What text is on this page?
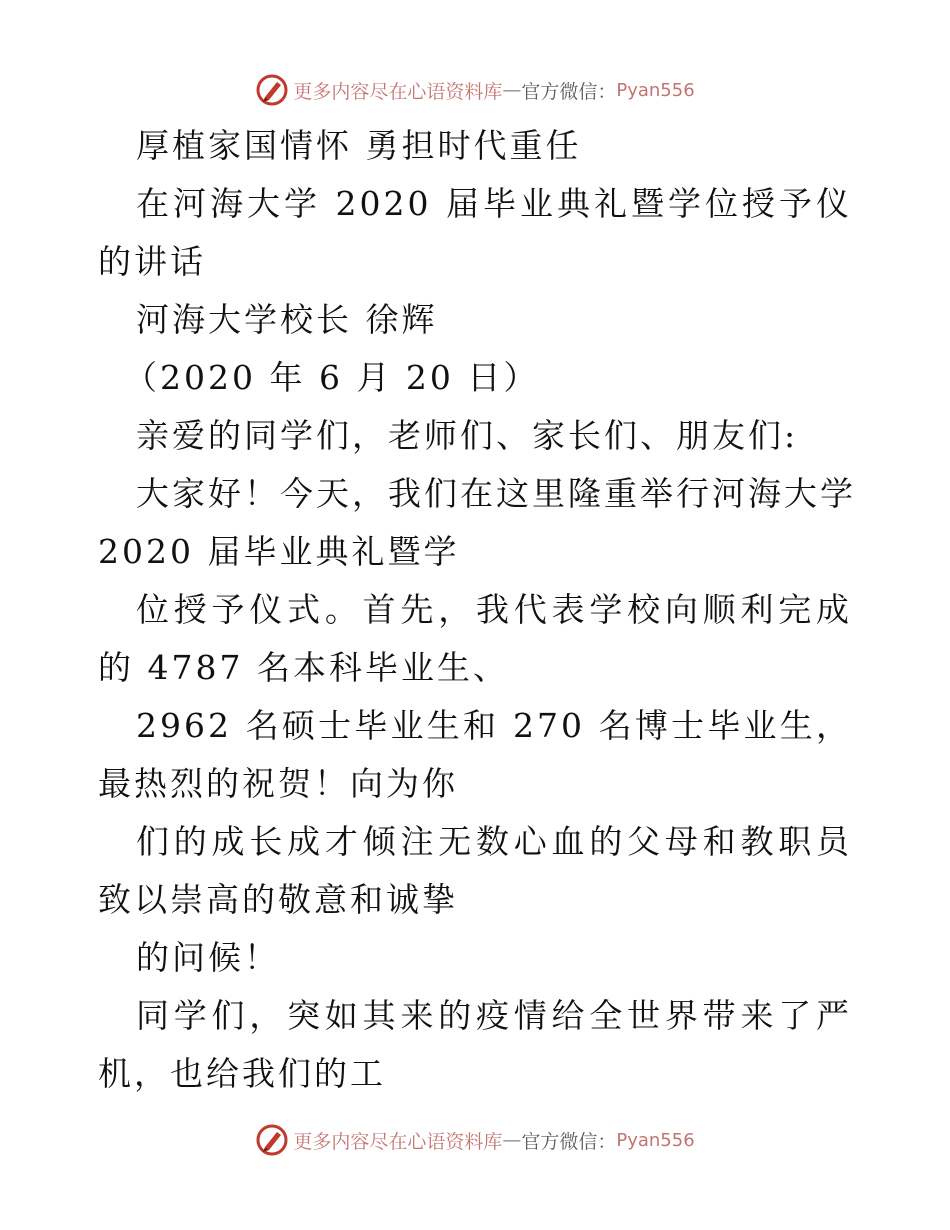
更多内容尽在心语资料库 — 官方微信： Pyan556
厚植家国情怀 勇担时代重任
在河海大学 2020 届毕业典礼暨学位授予仪
的讲话
河海大学校长 徐辉
（2020 年 6 月 20 日）
亲爱的同学们，老师们、家长们、朋友们:
大家好！今天，我们在这里隆重举行河海大学
2020 届毕业典礼暨学
位授予仪式。首先，我代表学校向顺利完成
的 4787 名本科毕业生、
2962 名硕士毕业生和 270 名博士毕业生，
最热烈的祝贺！向为你
们的成长成才倾注无数心血的父母和教职员
致以崇高的敬意和诚挚
的问候！
同学们，突如其来的疫情给全世界带来了严
机，也给我们的工
更多内容尽在心语资料库 — 官方微信： Pyan556
